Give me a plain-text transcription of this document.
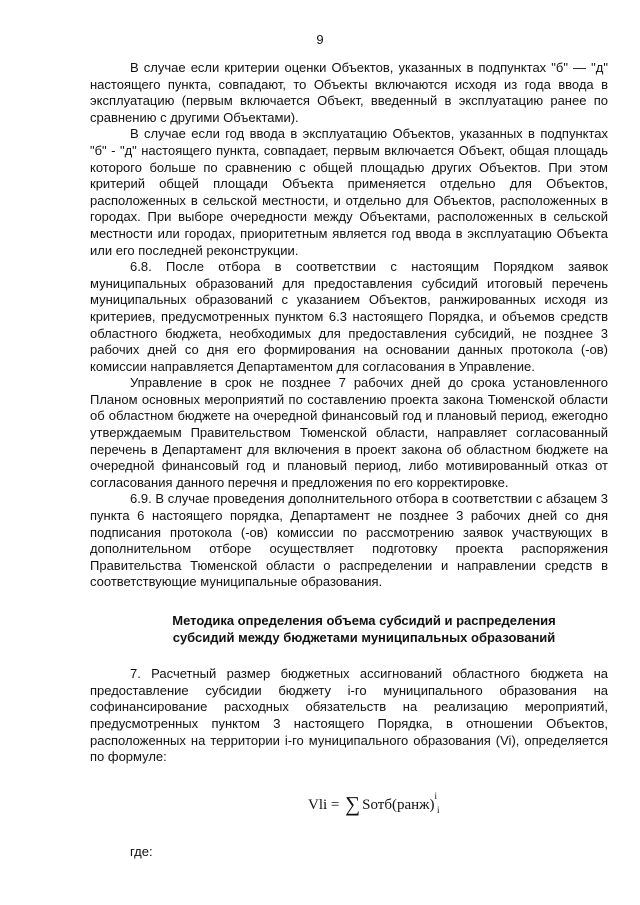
9

В случае если критерии оценки Объектов, указанных в подпунктах "б" — "д" настоящего пункта, совпадают, то Объекты включаются исходя из года ввода в эксплуатацию (первым включается Объект, введенный в эксплуатацию ранее по сравнению с другими Объектами).

В случае если год ввода в эксплуатацию Объектов, указанных в подпунктах "б" - "д" настоящего пункта, совпадает, первым включается Объект, общая площадь которого больше по сравнению с общей площадью других Объектов. При этом критерий общей площади Объекта применяется отдельно для Объектов, расположенных в сельской местности, и отдельно для Объектов, расположенных в городах. При выборе очередности между Объектами, расположенных в сельской местности или городах, приоритетным является год ввода в эксплуатацию Объекта или его последней реконструкции.

6.8. После отбора в соответствии с настоящим Порядком заявок муниципальных образований для предоставления субсидий итоговый перечень муниципальных образований с указанием Объектов, ранжированных исходя из критериев, предусмотренных пунктом 6.3 настоящего Порядка, и объемов средств областного бюджета, необходимых для предоставления субсидий, не позднее 3 рабочих дней со дня его формирования на основании данных протокола (-ов) комиссии направляется Департаментом для согласования в Управление.

Управление в срок не позднее 7 рабочих дней до срока установленного Планом основных мероприятий по составлению проекта закона Тюменской области об областном бюджете на очередной финансовый год и плановый период, ежегодно утверждаемым Правительством Тюменской области, направляет согласованный перечень в Департамент для включения в проект закона об областном бюджете на очередной финансовый год и плановый период, либо мотивированный отказ от согласования данного перечня и предложения по его корректировке.

6.9. В случае проведения дополнительного отбора в соответствии с абзацем 3 пункта 6 настоящего порядка, Департамент не позднее 3 рабочих дней со дня подписания протокола (-ов) комиссии по рассмотрению заявок участвующих в дополнительном отборе осуществляет подготовку проекта распоряжения Правительства Тюменской области о распределении и направлении средств в соответствующие муниципальные образования.

Методика определения объема субсидий и распределения
субсидий между бюджетами муниципальных образований

7. Расчетный размер бюджетных ассигнований областного бюджета на предоставление субсидии бюджету i-го муниципального образования на софинансирование расходных обязательств на реализацию мероприятий, предусмотренных пунктом 3 настоящего Порядка, в отношении Объектов, расположенных на территории i-го муниципального образования (Vi), определяется по формуле:

Vli = ∑ Sотб(ранж)$^i_i$
где:
